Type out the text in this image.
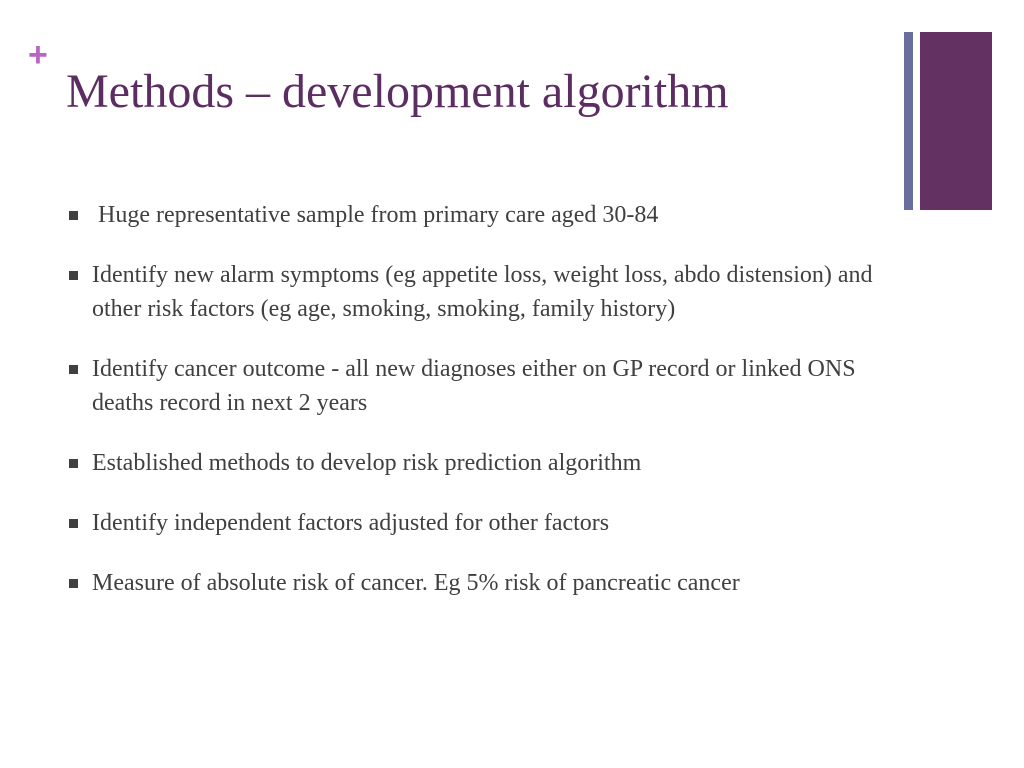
+
Methods – development algorithm
Huge representative sample from primary care aged 30-84
Identify new alarm symptoms (eg appetite loss, weight loss, abdo distension) and other risk factors (eg age, smoking, smoking, family history)
Identify cancer outcome - all new diagnoses either on GP record or linked ONS deaths record in next 2 years
Established methods to develop risk prediction algorithm
Identify independent factors adjusted for other factors
Measure of absolute risk of cancer. Eg 5% risk of pancreatic cancer
